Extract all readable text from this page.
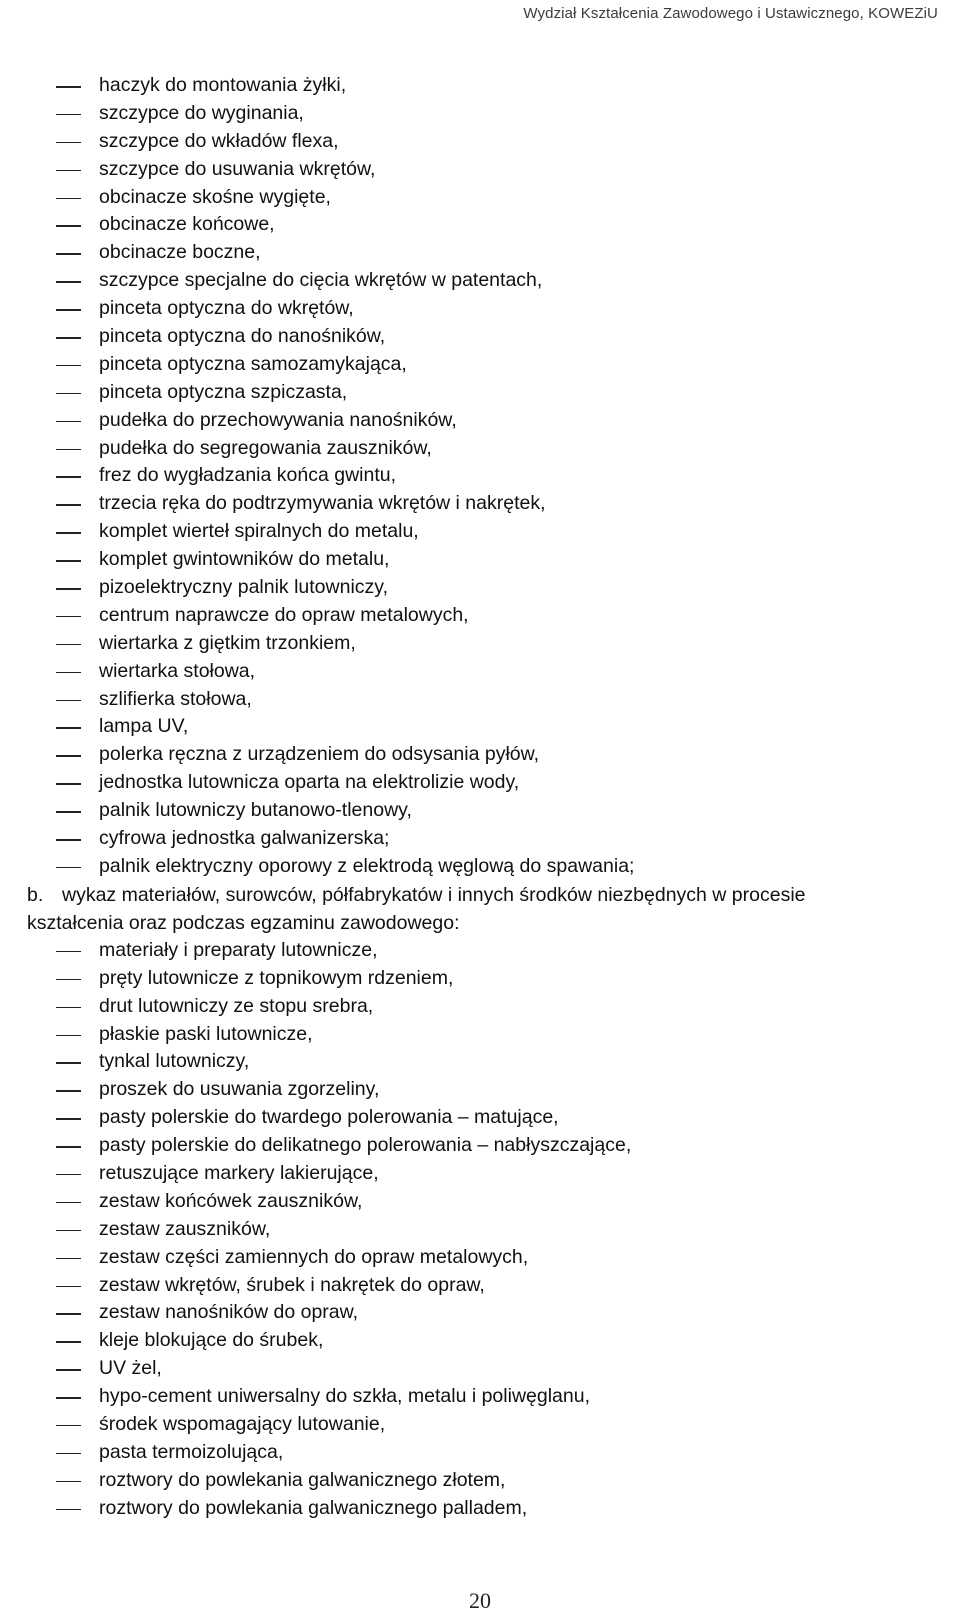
Wydział Kształcenia Zawodowego i Ustawicznego, KOWEZiU
haczyk do montowania żyłki,
szczypce do wyginania,
szczypce do wkładów flexa,
szczypce do usuwania wkrętów,
obcinacze skośne wygięte,
obcinacze końcowe,
obcinacze boczne,
szczypce specjalne do cięcia wkrętów w patentach,
pinceta optyczna do wkrętów,
pinceta optyczna do nanośników,
pinceta optyczna samozamykająca,
pinceta optyczna szpiczasta,
pudełka do przechowywania nanośników,
pudełka do segregowania zauszników,
frez do wygładzania końca gwintu,
trzecia ręka do podtrzymywania wkrętów i nakrętek,
komplet wierteł spiralnych do metalu,
komplet gwintowników do metalu,
pizoelektryczny palnik lutowniczy,
centrum naprawcze do opraw metalowych,
wiertarka z giętkim trzonkiem,
wiertarka stołowa,
szlifierka stołowa,
lampa UV,
polerka ręczna z urządzeniem do odsysania pyłów,
jednostka lutownicza oparta na elektrolizie wody,
palnik lutowniczy butanowo-tlenowy,
cyfrowa jednostka galwanizerska;
palnik elektryczny oporowy z elektrodą węglową do spawania;
b. wykaz materiałów, surowców, półfabrykatów i innych środków niezbędnych w procesie
kształcenia oraz podczas egzaminu zawodowego:
materiały i preparaty lutownicze,
pręty lutownicze z topnikowym rdzeniem,
drut lutowniczy ze stopu srebra,
płaskie paski lutownicze,
tynkal lutowniczy,
proszek do usuwania zgorzeliny,
pasty polerskie do twardego polerowania – matujące,
pasty polerskie do delikatnego polerowania – nabłyszczające,
retuszujące markery lakierujące,
zestaw końcówek zauszników,
zestaw zauszników,
zestaw części zamiennych do opraw metalowych,
zestaw wkrętów, śrubek i nakrętek do opraw,
zestaw nanośników do opraw,
kleje blokujące do śrubek,
UV żel,
hypo-cement uniwersalny do szkła, metalu i poliwęglanu,
środek wspomagający lutowanie,
pasta termoizolująca,
roztwory do powlekania galwanicznego złotem,
roztwory do powlekania galwanicznego palladem,
20
